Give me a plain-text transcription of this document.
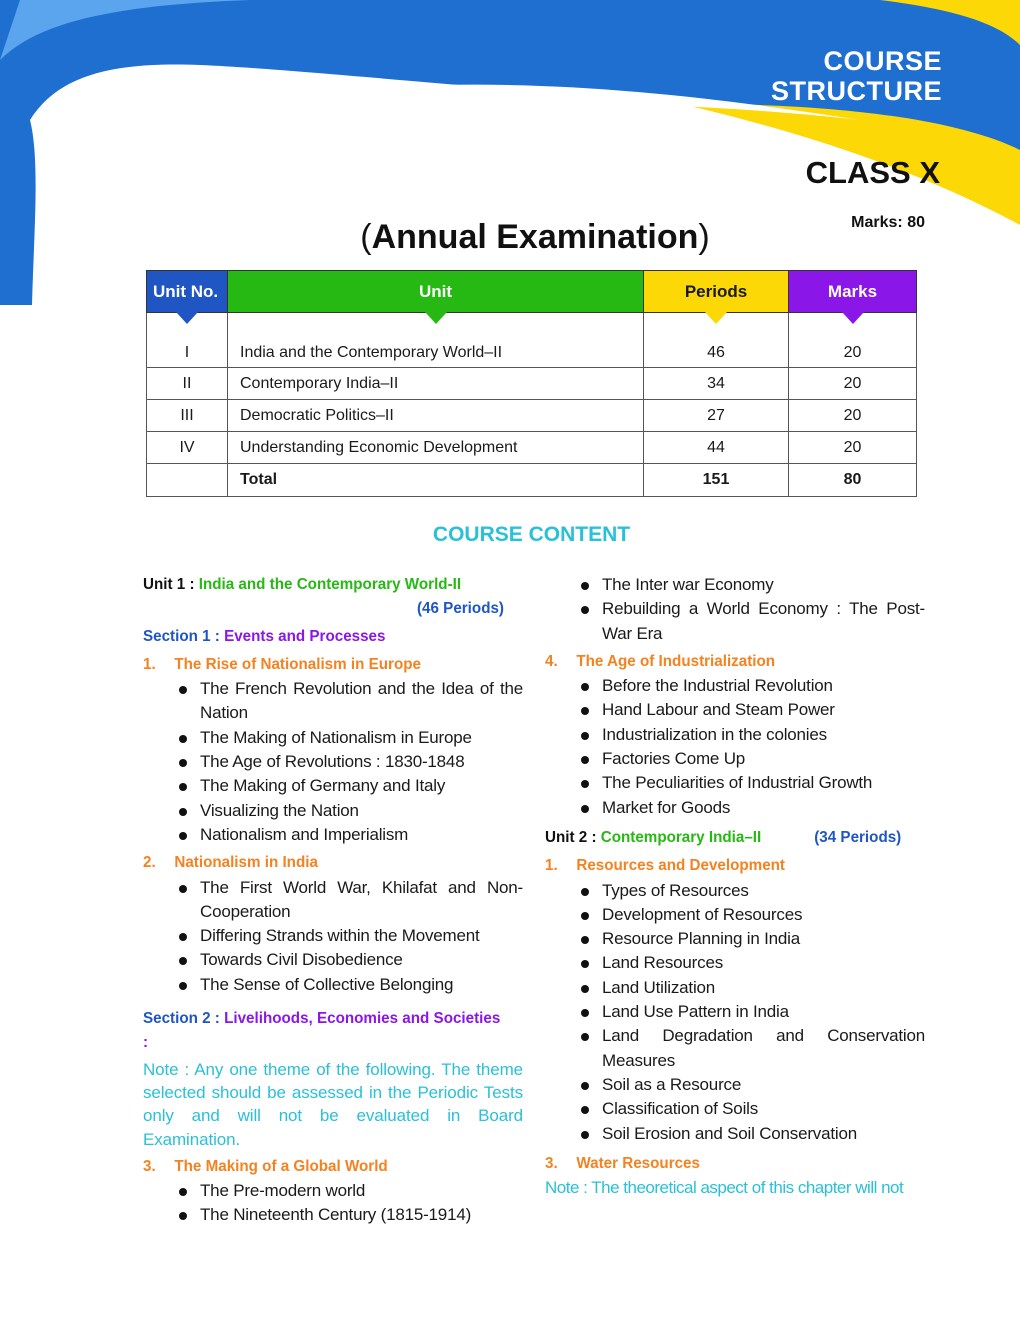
COURSE
STRUCTURE
CLASS X
Marks: 80
(Annual Examination)
Unit No.	Unit	Periods	Marks

I	India and the Contemporary World–II	46	20
II	Contemporary India–II	34	20
III	Democratic Politics–II	27	20
IV	Understanding Economic Development	44	20
	Total	151	80
COURSE CONTENT
Unit 1 : India and the Contemporary World-II
(46 Periods)
Section 1 : Events and Processes
1.	The Rise of Nationalism in Europe
The French Revolution and the Idea of the Nation
The Making of Nationalism in Europe
The Age of Revolutions : 1830-1848
The Making of Germany and Italy
Visualizing the Nation
Nationalism and Imperialism
2.	Nationalism in India
The First World War, Khilafat and Non-Cooperation
Differing Strands within the Movement
Towards Civil Disobedience
The Sense of Collective Belonging
Section 2 : Livelihoods, Economies and Societies :
Note : Any one theme of the following. The theme selected should be assessed in the Periodic Tests only and will not be evaluated in Board Examination.
3.	The Making of a Global World
The Pre-modern world
The Nineteenth Century (1815-1914)
The Inter war Economy
Rebuilding a World Economy : The Post-War Era
4.	The Age of Industrialization
Before the Industrial Revolution
Hand Labour and Steam Power
Industrialization in the colonies
Factories Come Up
The Peculiarities of Industrial Growth
Market for Goods
Unit 2 : Contemporary India–II	(34 Periods)
1.	Resources and Development
Types of Resources
Development of Resources
Resource Planning in India
Land Resources
Land Utilization
Land Use Pattern in India
Land Degradation and Conservation Measures
Soil as a Resource
Classification of Soils
Soil Erosion and Soil Conservation
3.	Water Resources
Note : The theoretical aspect of this chapter will not
